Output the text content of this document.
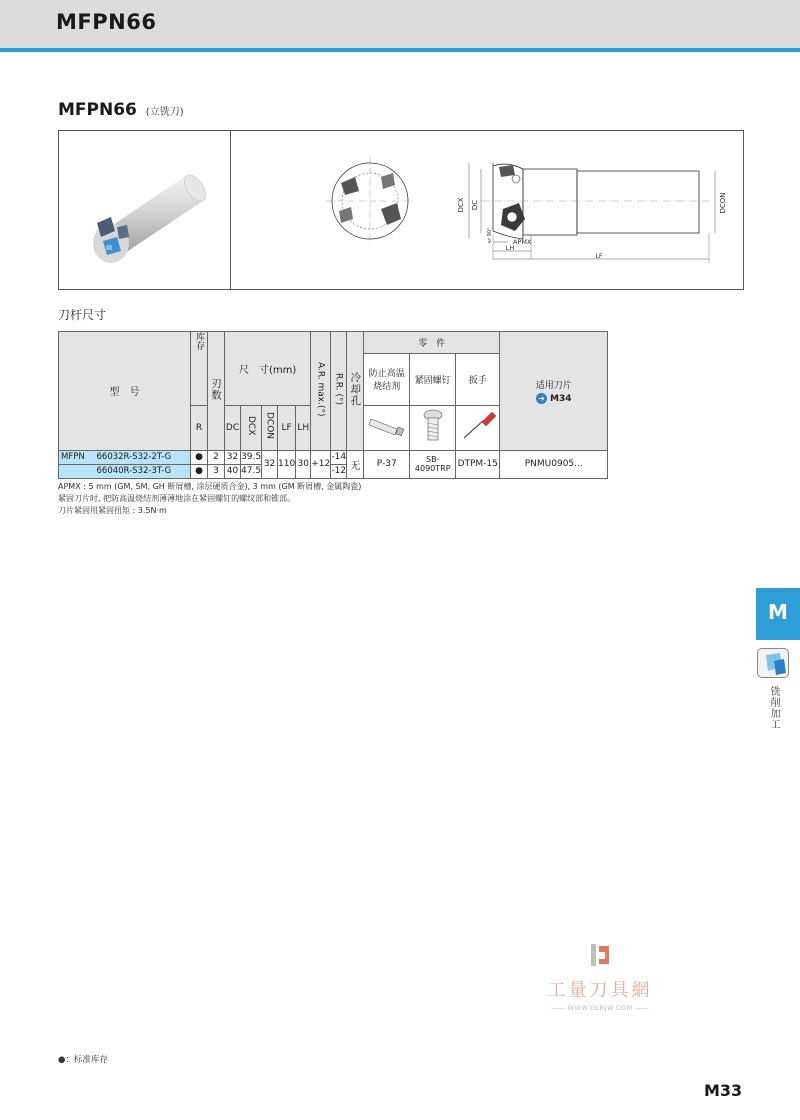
MFPN66
MFPN66 (立铣刀)
DCX DC	DCON
APMX
LH
LF
κr 90°
刀杆尺寸
型　号		库存	刃数	尺　寸(mm)					A.R. max.(°)	R.R. (°)	冷却孔	零　件			适用刀片
➜ M34

												防止高温烧结剂	紧固螺钉	扳手	
		R		DC	DCX	DCON	LF	LH			
MFPN	66032R-S32-2T-G	●	2	32	39.5	32	110	30	+12	-14	无	P-37	SB-4090TRP	DTPM-15	PNMU0905...
	66040R-S32-3T-G	●	3	40	47.5					-12					
APMX : 5 mm (GM, SM, GH 断屑槽, 涂层硬质合金), 3 mm (GM 断屑槽, 金属陶瓷)
紧固刀片时, 把防高温烧结剂薄薄地涂在紧固螺钉的螺纹部和锥部。
刀片紧固用紧固扭矩 : 3.5N·m
M
铣削加工
工量刀具網
—— WWW.GLRJW.COM ——
●：标准库存
M33
